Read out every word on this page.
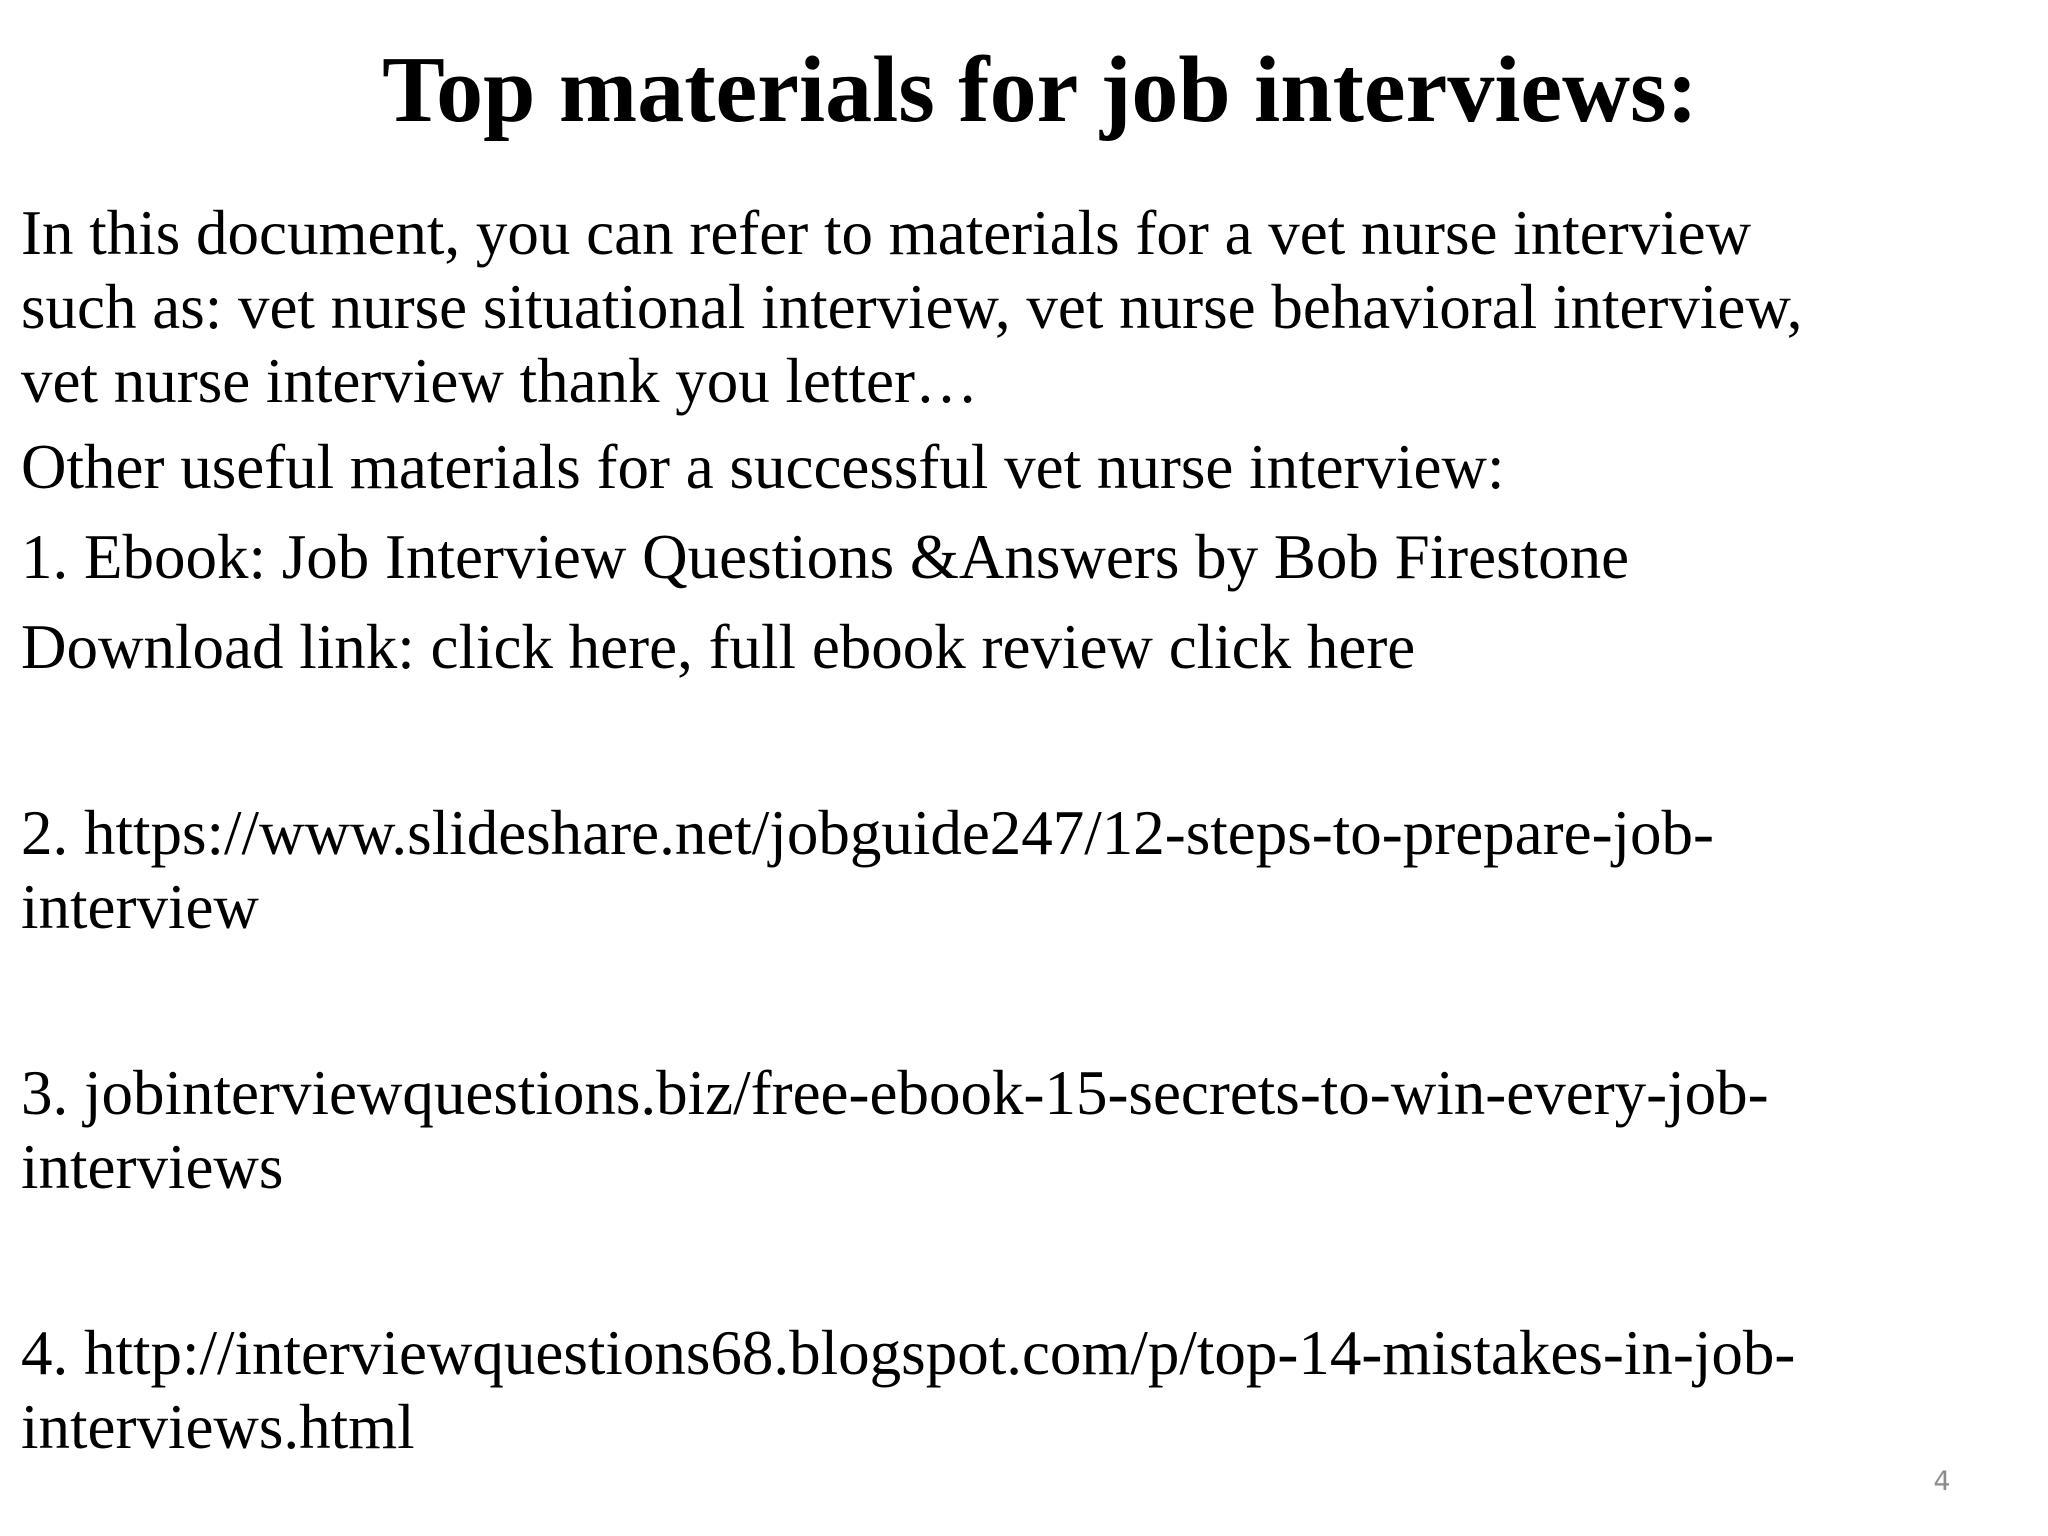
Top materials for job interviews:

In this document, you can refer to materials for a vet nurse interview
such as: vet nurse situational interview, vet nurse behavioral interview,
vet nurse interview thank you letter…

Other useful materials for a successful vet nurse interview:

1. Ebook: Job Interview Questions &Answers by Bob Firestone

Download link: click here, full ebook review click here

2. https://www.slideshare.net/jobguide247/12-steps-to-prepare-job-
interview

3. jobinterviewquestions.biz/free-ebook-15-secrets-to-win-every-job-
interviews

4. http://interviewquestions68.blogspot.com/p/top-14-mistakes-in-job-
interviews.html

4
